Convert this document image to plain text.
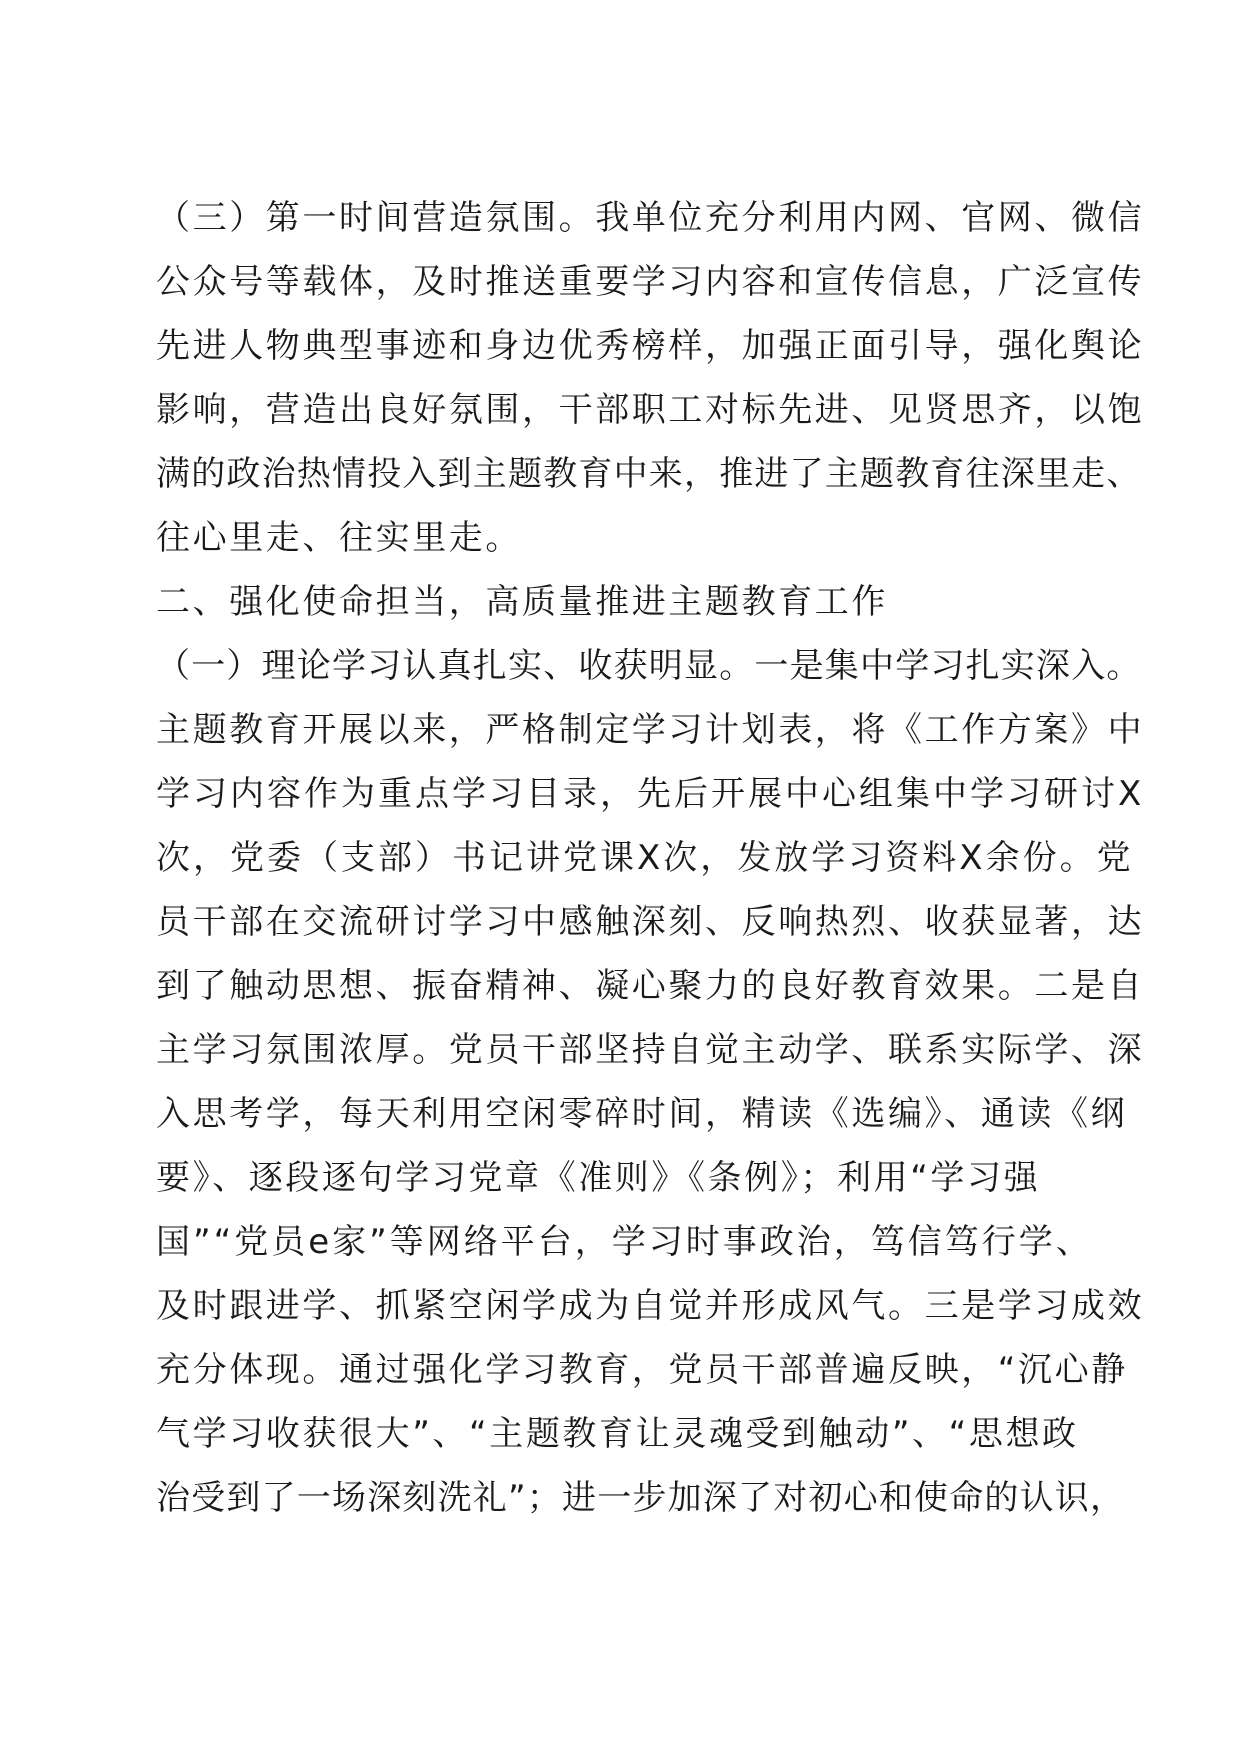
（三）第一时间营造氛围。我单位充分利用内网、官网、微信
公众号等载体，及时推送重要学习内容和宣传信息，广泛宣传
先进人物典型事迹和身边优秀榜样，加强正面引导，强化舆论
影响，营造出良好氛围，干部职工对标先进、见贤思齐，以饱
满的政治热情投入到主题教育中来，推进了主题教育往深里走、
往心里走、往实里走。
二、强化使命担当，高质量推进主题教育工作
（一）理论学习认真扎实、收获明显。一是集中学习扎实深入。
主题教育开展以来，严格制定学习计划表，将《工作方案》中
学习内容作为重点学习目录，先后开展中心组集中学习研讨X
次，党委（支部）书记讲党课X次，发放学习资料X余份。党
员干部在交流研讨学习中感触深刻、反响热烈、收获显著，达
到了触动思想、振奋精神、凝心聚力的良好教育效果。二是自
主学习氛围浓厚。党员干部坚持自觉主动学、联系实际学、深
入思考学，每天利用空闲零碎时间，精读《选编》、通读《纲
要》、逐段逐句学习党章《准则》《条例》；利用“学习强
国”“党员e家”等网络平台，学习时事政治，笃信笃行学、
及时跟进学、抓紧空闲学成为自觉并形成风气。三是学习成效
充分体现。通过强化学习教育，党员干部普遍反映，“沉心静
气学习收获很大”、“主题教育让灵魂受到触动”、“思想政
治受到了一场深刻洗礼”；进一步加深了对初心和使命的认识，
